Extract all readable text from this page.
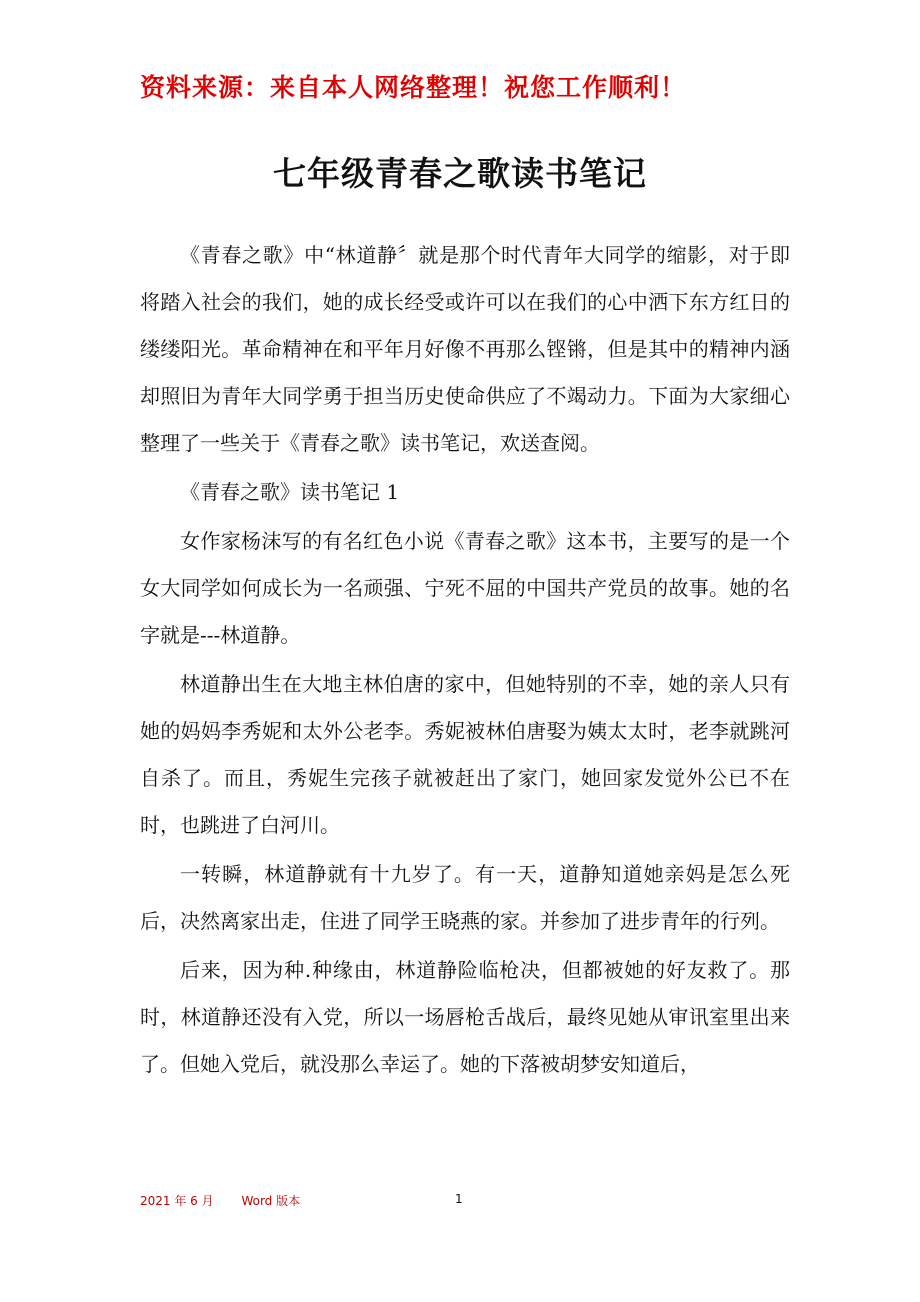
资料来源：来自本人网络整理！祝您工作顺利！
七年级青春之歌读书笔记

《青春之歌》中“林道静〞就是那个时代青年大同学的缩影，对于即将踏入社会的我们，她的成长经受或许可以在我们的心中洒下东方红日的缕缕阳光。革命精神在和平年月好像不再那么铿锵，但是其中的精神内涵却照旧为青年大同学勇于担当历史使命供应了不竭动力。下面为大家细心整理了一些关于《青春之歌》读书笔记，欢送查阅。

《青春之歌》读书笔记 1

女作家杨沫写的有名红色小说《青春之歌》这本书，主要写的是一个女大同学如何成长为一名顽强、宁死不屈的中国共产党员的故事。她的名字就是---林道静。

林道静出生在大地主林伯唐的家中，但她特别的不幸，她的亲人只有她的妈妈李秀妮和太外公老李。秀妮被林伯唐娶为姨太太时，老李就跳河自杀了。而且，秀妮生完孩子就被赶出了家门，她回家发觉外公已不在时，也跳进了白河川。

一转瞬，林道静就有十九岁了。有一天，道静知道她亲妈是怎么死后，决然离家出走，住进了同学王晓燕的家。并参加了进步青年的行列。

后来，因为种.种缘由，林道静险临枪决，但都被她的好友救了。那时，林道静还没有入党，所以一场唇枪舌战后，最终见她从审讯室里出来了。但她入党后，就没那么幸运了。她的下落被胡梦安知道后，

2021 年 6 月 Word 版本	1
